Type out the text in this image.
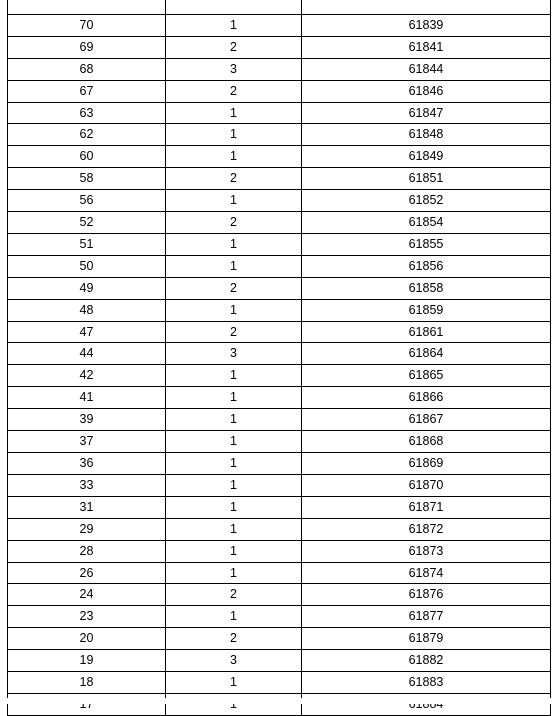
70	1	61839
69	2	61841
68	3	61844
67	2	61846
63	1	61847
62	1	61848
60	1	61849
58	2	61851
56	1	61852
52	2	61854
51	1	61855
50	1	61856
49	2	61858
48	1	61859
47	2	61861
44	3	61864
42	1	61865
41	1	61866
39	1	61867
37	1	61868
36	1	61869
33	1	61870
31	1	61871
29	1	61872
28	1	61873
26	1	61874
24	2	61876
23	1	61877
20	2	61879
19	3	61882
18	1	61883
